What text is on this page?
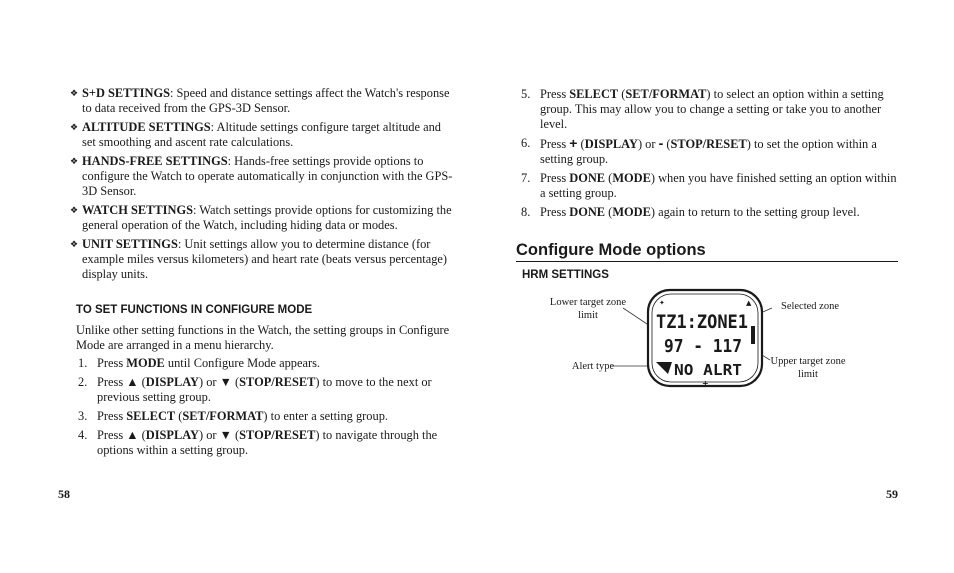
❖ S+D SETTINGS: Speed and distance settings affect the Watch's response to data received from the GPS-3D Sensor.
❖ ALTITUDE SETTINGS: Altitude settings configure target altitude and set smoothing and ascent rate calculations.
❖ HANDS-FREE SETTINGS: Hands-free settings provide options to configure the Watch to operate automatically in conjunction with the GPS-3D Sensor.
❖ WATCH SETTINGS: Watch settings provide options for customizing the general operation of the Watch, including hiding data or modes.
❖ UNIT SETTINGS: Unit settings allow you to determine distance (for example miles versus kilometers) and heart rate (beats versus percentage) display units.
TO SET FUNCTIONS IN CONFIGURE MODE

Unlike other setting functions in the Watch, the setting groups in Configure Mode are arranged in a menu hierarchy.

1. Press MODE until Configure Mode appears.
2. Press ▲ (DISPLAY) or ▼ (STOP/RESET) to move to the next or previous setting group.
3. Press SELECT (SET/FORMAT) to enter a setting group.
4. Press ▲ (DISPLAY) or ▼ (STOP/RESET) to navigate through the options within a setting group.
58
5. Press SELECT (SET/FORMAT) to select an option within a setting group. This may allow you to change a setting or take you to another level.
6. Press + (DISPLAY) or - (STOP/RESET) to set the option within a setting group.
7. Press DONE (MODE) when you have finished setting an option within a setting group.
8. Press DONE (MODE) again to return to the setting group level.
Configure Mode options
HRM SETTINGS
Lower target zone limit
Alert type
Selected zone
Upper target zone limit
✦	▲
+
TZ1:ZONE1
97 - 117
NO ALRT
59
